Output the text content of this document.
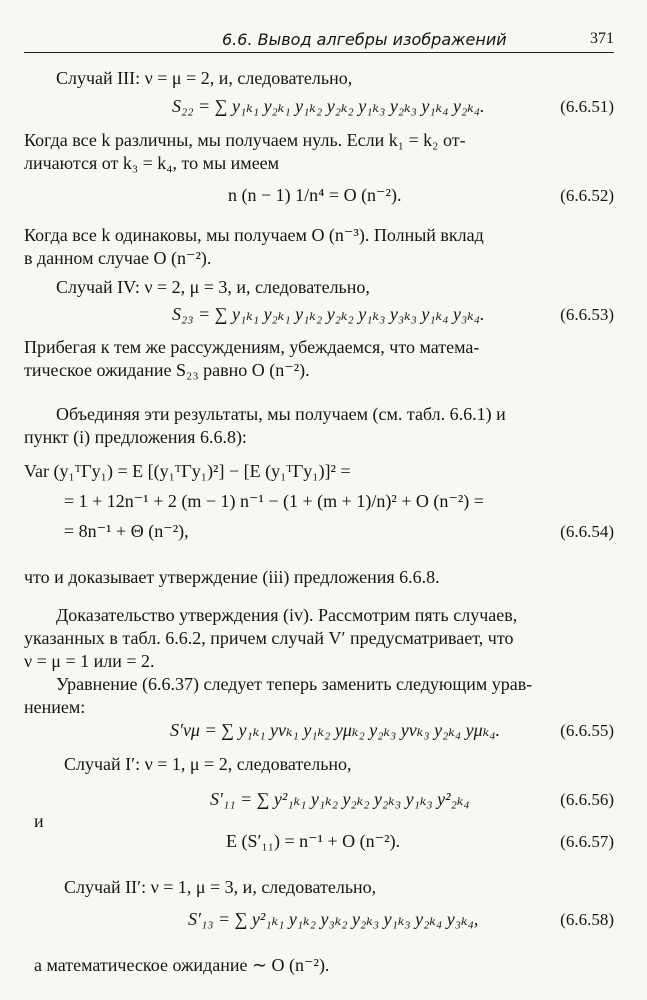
6.6. Вывод алгебры изображений	371
Случай III: ν = μ = 2, и, следовательно,
S₂₂ = ∑ y₁ₖ₁ y₂ₖ₁ y₁ₖ₂ y₂ₖ₂ y₁ₖ₃ y₂ₖ₃ y₁ₖ₄ y₂ₖ₄.
Когда все k различны, мы получаем нуль. Если k₁ = k₂ от-
личаются от k₃ = k₄, то мы имеем
n (n − 1) 1/n⁴ = O (n⁻²).
Когда все k одинаковы, мы получаем O (n⁻³). Полный вклад
в данном случае O (n⁻²).
Случай IV: ν = 2, μ = 3, и, следовательно,
S₂₃ = ∑ y₁ₖ₁ y₂ₖ₁ y₁ₖ₂ y₂ₖ₂ y₁ₖ₃ y₃ₖ₃ y₁ₖ₄ y₃ₖ₄.
Прибегая к тем же рассуждениям, убеждаемся, что матема-
тическое ожидание S₂₃ равно O (n⁻²).
Объединяя эти результаты, мы получаем (см. табл. 6.6.1) и
пункт (i) предложения 6.6.8):
Var (y₁ᵀΓy₁) = E [(y₁ᵀΓy₁)²] − [E (y₁ᵀΓy₁)]² =
= 1 + 12n⁻¹ + 2 (m − 1) n⁻¹ − (1 + (m + 1)/n)² + O (n⁻²) =
= 8n⁻¹ + Θ (n⁻²),
что и доказывает утверждение (iii) предложения 6.6.8.
Доказательство утверждения (iv). Рассмотрим пять случаев,
указанных в табл. 6.6.2, причем случай V′ предусматривает, что
ν = μ = 1 или = 2.
Уравнение (6.6.37) следует теперь заменить следующим урав-
нением:
S′νμ = ∑ y₁ₖ₁ yνₖ₁ y₁ₖ₂ yμₖ₂ y₂ₖ₃ yνₖ₃ y₂ₖ₄ yμₖ₄.
Случай I′: ν = 1, μ = 2, следовательно,
S′₁₁ = ∑ y²₁ₖ₁ y₁ₖ₂ y₂ₖ₂ y₂ₖ₃ y₁ₖ₃ y²₂ₖ₄
и
E (S′₁₁) = n⁻¹ + O (n⁻²).
Случай II′: ν = 1, μ = 3, и, следовательно,
S′₁₃ = ∑ y²₁ₖ₁ y₁ₖ₂ y₃ₖ₂ y₂ₖ₃ y₁ₖ₃ y₂ₖ₄ y₃ₖ₄,
а математическое ожидание ∼ O (n⁻²).
(6.6.51)
(6.6.52)
(6.6.53)
(6.6.54)
(6.6.55)
(6.6.56)
(6.6.57)
(6.6.58)
